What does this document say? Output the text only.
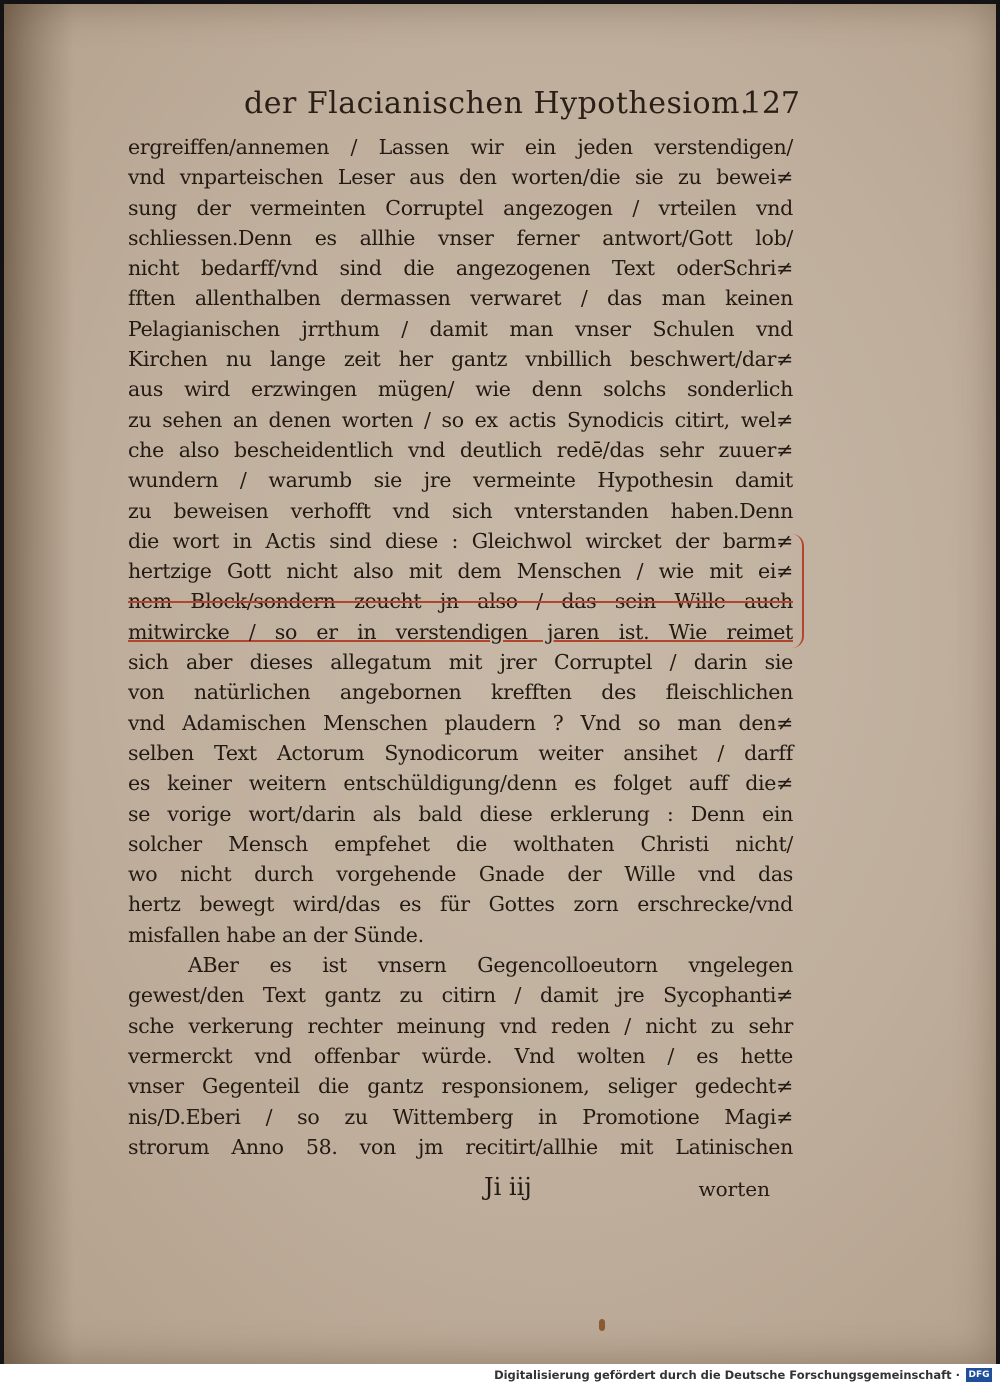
der Flacianischen Hypothesiom.
127
ergreiffen/annemen / Lassen wir ein jeden verstendigen/
vnd vnparteischen Leser aus den worten/die sie zu bewei≠
sung der vermeinten Corruptel angezogen / vrteilen vnd
schliessen.Denn es allhie vnser ferner antwort/Gott lob/
nicht bedarff/vnd sind die angezogenen Text oderSchri≠
fften allenthalben dermassen verwaret / das man keinen
Pelagianischen jrrthum / damit man vnser Schulen vnd
Kirchen nu lange zeit her gantz vnbillich beschwert/dar≠
aus wird erzwingen mügen/ wie denn solchs sonderlich
zu sehen an denen worten / so ex actis Synodicis citirt, wel≠
che also bescheidentlich vnd deutlich redē/das sehr zuuer≠
wundern / warumb sie jre vermeinte Hypothesin damit
zu beweisen verhofft vnd sich vnterstanden haben.Denn
die wort in Actis sind diese : Gleichwol wircket der barm≠
hertzige Gott nicht also mit dem Menschen / wie mit ei≠
nem Block/sondern zeucht jn also / das sein Wille auch
mitwircke / so er in verstendigen jaren ist. Wie reimet
sich aber dieses allegatum mit jrer Corruptel / darin sie
von natürlichen angebornen krefften des fleischlichen
vnd Adamischen Menschen plaudern ? Vnd so man den≠
selben Text Actorum Synodicorum weiter ansihet / darff
es keiner weitern entschüldigung/denn es folget auff die≠
se vorige wort/darin als bald diese erklerung : Denn ein
solcher Mensch empfehet die wolthaten Christi nicht/
wo nicht durch vorgehende Gnade der Wille vnd das
hertz bewegt wird/das es für Gottes zorn erschrecke/vnd
misfallen habe an der Sünde.
ABer es ist vnsern Gegencolloeutorn vngelegen
gewest/den Text gantz zu citirn / damit jre Sycophanti≠
sche verkerung rechter meinung vnd reden / nicht zu sehr
vermerckt vnd offenbar würde. Vnd wolten / es hette
vnser Gegenteil die gantz responsionem, seliger gedecht≠
nis/D.Eberi / so zu Wittemberg in Promotione Magi≠
strorum Anno 58. von jm recitirt/allhie mit Latinischen
Ji iij	worten
Digitalisierung gefördert durch die Deutsche Forschungsgemeinschaft · DFG
